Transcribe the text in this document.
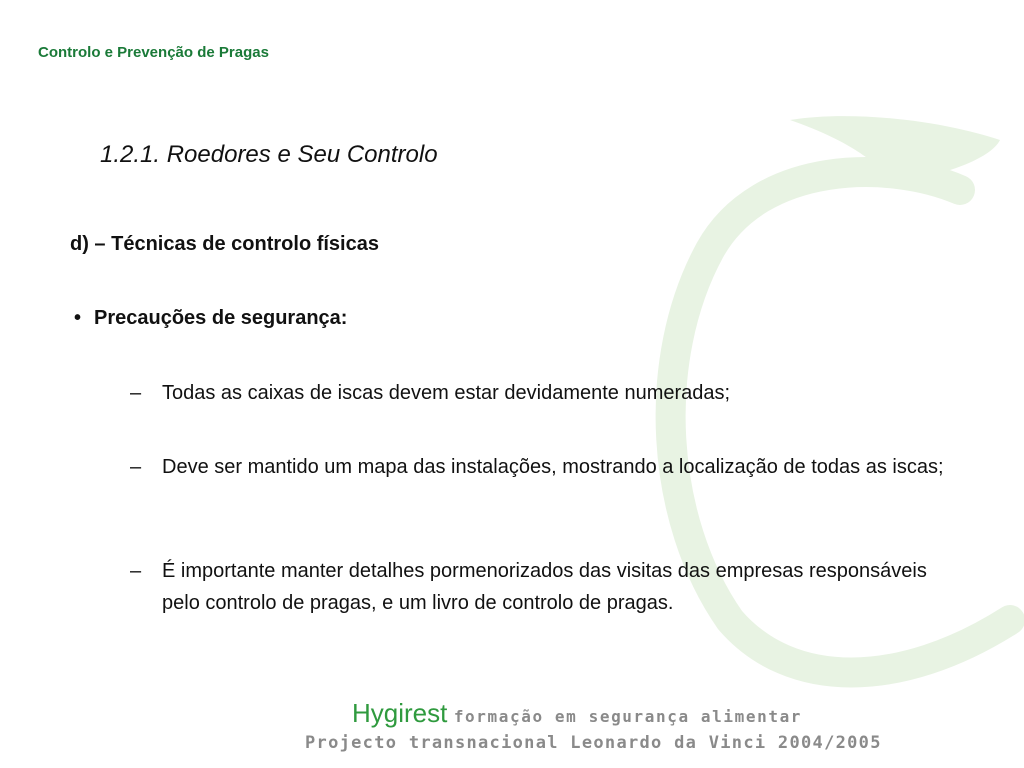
Controlo e Prevenção de Pragas
1.2.1. Roedores e Seu Controlo
d) – Técnicas de controlo físicas
• Precauções de segurança:
–	Todas as caixas de iscas devem estar devidamente numeradas;
–	Deve ser mantido um mapa das instalações, mostrando a localização de todas as iscas;
–	É importante manter detalhes pormenorizados das visitas das empresas responsáveis pelo controlo de pragas, e um livro de controlo de pragas.
Hygirest formação em segurança alimentar
Projecto transnacional Leonardo da Vinci 2004/2005
